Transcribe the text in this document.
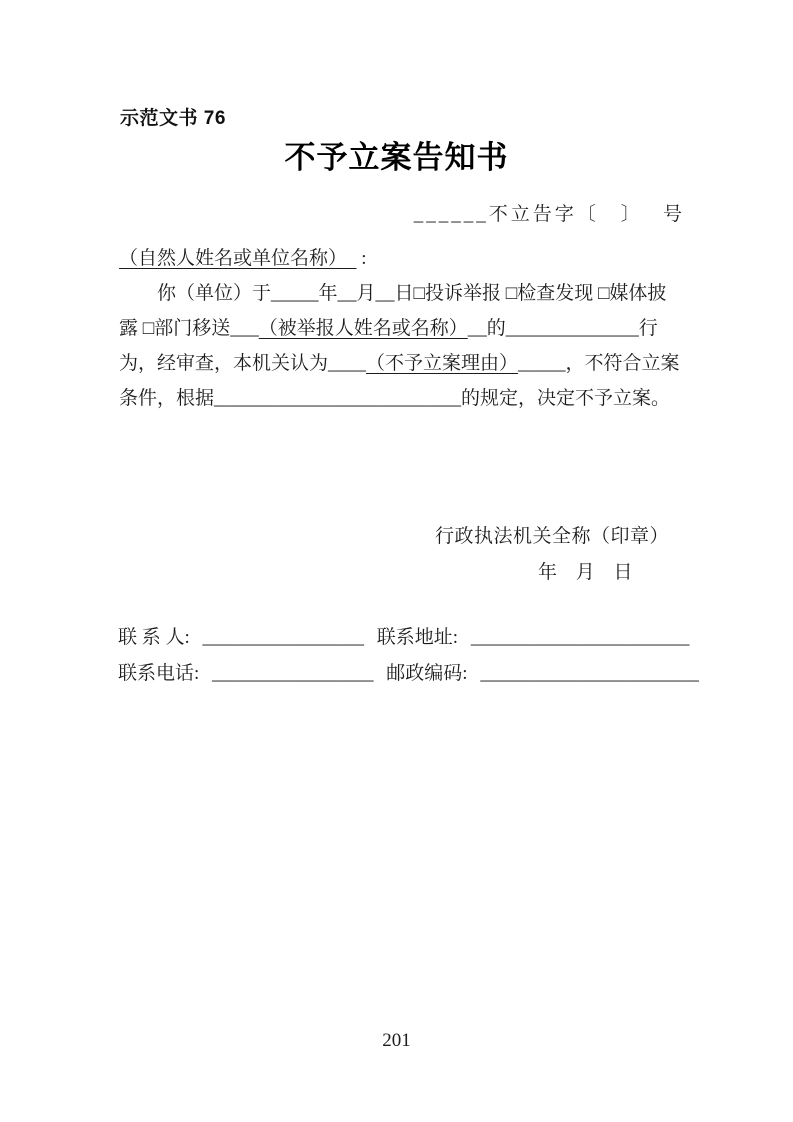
示范文书 76
不予立案告知书
______不立告字〔　〕　 号
（自然人姓名或单位名称）　 :
你（单位）于_____年__月__日□投诉举报 □检查发现 □媒体披
露 □部门移送___（被举报人姓名或名称）__的______________行
为，经审查，本机关认为____（不予立案理由）_____，不符合立案
条件，根据__________________________的规定，决定不予立案。
行政执法机关全称（印章）
年 月 日
联 系 人: _________________ 联系地址: _______________________
联系电话: _________________ 邮政编码: _______________________
201
